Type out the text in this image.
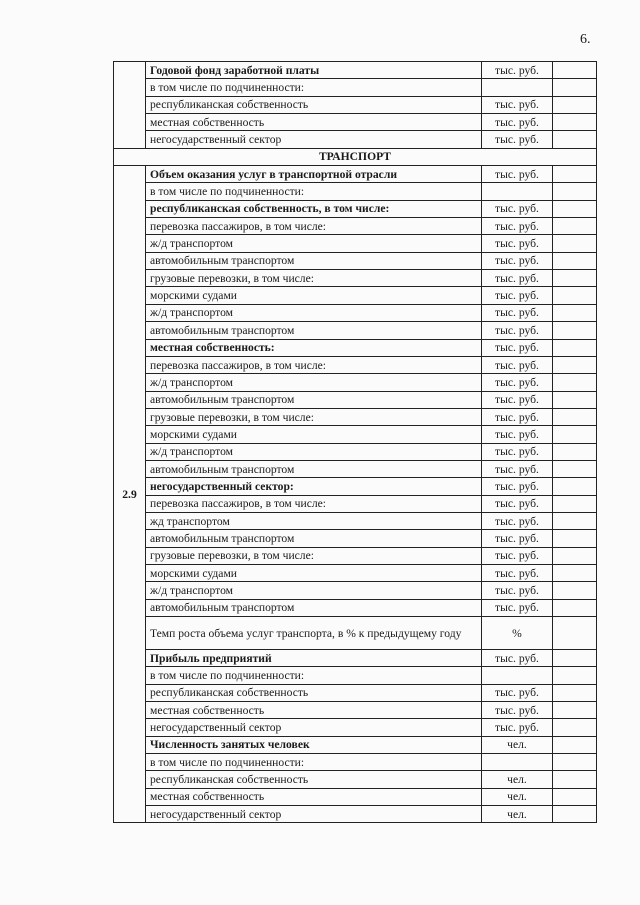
6.
	Годовой фонд заработной платы	тыс. руб.	
	в том числе по подчиненности:		
	республиканская собственность	тыс. руб.	
	местная собственность	тыс. руб.	
	негосударственный сектор	тыс. руб.	
ТРАНСПОРТ			
2.9	Объем оказания услуг в транспортной отрасли	тыс. руб.	
	в том числе по подчиненности:		
	республиканская собственность, в том числе:	тыс. руб.	
	перевозка пассажиров, в том числе:	тыс. руб.	
	ж/д транспортом	тыс. руб.	
	автомобильным транспортом	тыс. руб.	
	грузовые перевозки, в том числе:	тыс. руб.	
	морскими судами	тыс. руб.	
	ж/д транспортом	тыс. руб.	
	автомобильным транспортом	тыс. руб.	
	местная собственность:	тыс. руб.	
	перевозка пассажиров, в том числе:	тыс. руб.	
	ж/д транспортом	тыс. руб.	
	автомобильным транспортом	тыс. руб.	
	грузовые перевозки, в том числе:	тыс. руб.	
	морскими судами	тыс. руб.	
	ж/д транспортом	тыс. руб.	
	автомобильным транспортом	тыс. руб.	
	негосударственный сектор:	тыс. руб.	
	перевозка пассажиров, в том числе:	тыс. руб.	
	жд транспортом	тыс. руб.	
	автомобильным транспортом	тыс. руб.	
	грузовые перевозки, в том числе:	тыс. руб.	
	морскими судами	тыс. руб.	
	ж/д транспортом	тыс. руб.	
	автомобильным транспортом	тыс. руб.	
	Темп роста объема услуг транспорта, в % к предыдущему году	%	
	Прибыль предприятий	тыс. руб.	
	в том числе по подчиненности:		
	республиканская собственность	тыс. руб.	
	местная собственность	тыс. руб.	
	негосударственный сектор	тыс. руб.	
	Численность занятых человек	чел.	
	в том числе по подчиненности:		
	республиканская собственность	чел.	
	местная собственность	чел.	
	негосударственный сектор	чел.	
